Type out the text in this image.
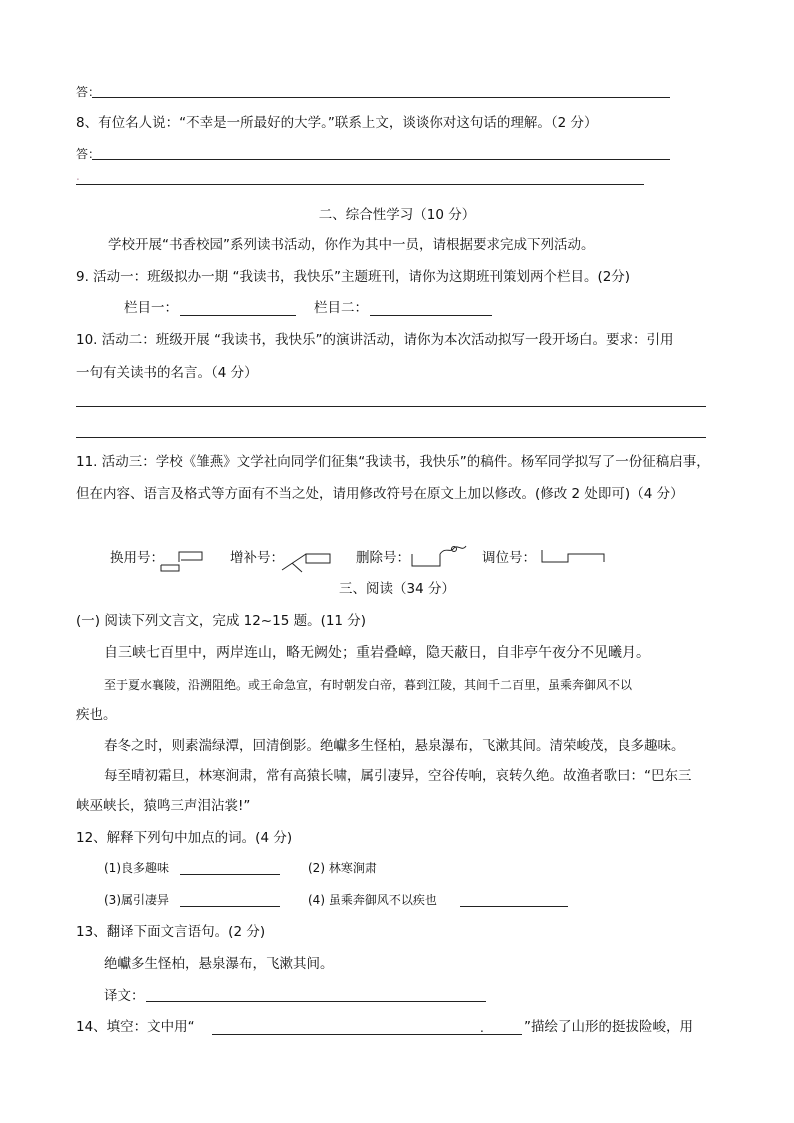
答：
8、有位名人说：“不幸是一所最好的大学。”联系上文，谈谈你对这句话的理解。（2 分）
答：
.
二、综合性学习（10 分）
学校开展“书香校园”系列读书活动，你作为其中一员，请根据要求完成下列活动。
9. 活动一：班级拟办一期 “我读书，我快乐”主题班刊，请你为这期班刊策划两个栏目。(2分)
栏目一：	栏目二：
10. 活动二：班级开展 “我读书，我快乐”的演讲活动，请你为本次活动拟写一段开场白。要求：引用
一句有关读书的名言。（4 分）
11. 活动三：学校《雏燕》文学社向同学们征集“我读书，我快乐”的稿件。杨军同学拟写了一份征稿启事，
但在内容、语言及格式等方面有不当之处，请用修改符号在原文上加以修改。(修改 2 处即可)（4 分）
换用号：	增补号：	删除号：	调位号：
三、阅读（34 分）
(一) 阅读下列文言文，完成 12~15 题。(11 分)
自三峡七百里中，两岸连山，略无阙处；重岩叠嶂，隐天蔽日，自非亭午夜分不见曦月。
至于夏水襄陵，沿溯阻绝。或王命急宣，有时朝发白帝，暮到江陵，其间千二百里，虽乘奔御风不以
疾也。
春冬之时，则素湍绿潭，回清倒影。绝巘多生怪柏，悬泉瀑布，飞漱其间。清荣峻茂，良多趣味。
每至晴初霜旦，林寒涧肃，常有高猿长啸，属引凄异，空谷传响，哀转久绝。故渔者歌曰：“巴东三
峡巫峡长，猿鸣三声泪沾裳!”
12、解释下列句中加点的词。(4 分)
(1)良多趣味	(2) 林寒涧肃
(3)属引凄异	(4) 虽乘奔御风不以疾也
13、翻译下面文言语句。(2 分)
绝巘多生怪柏，悬泉瀑布，飞漱其间。
译文：
14、填空：文中用“	.	”描绘了山形的挺拔险峻，用
